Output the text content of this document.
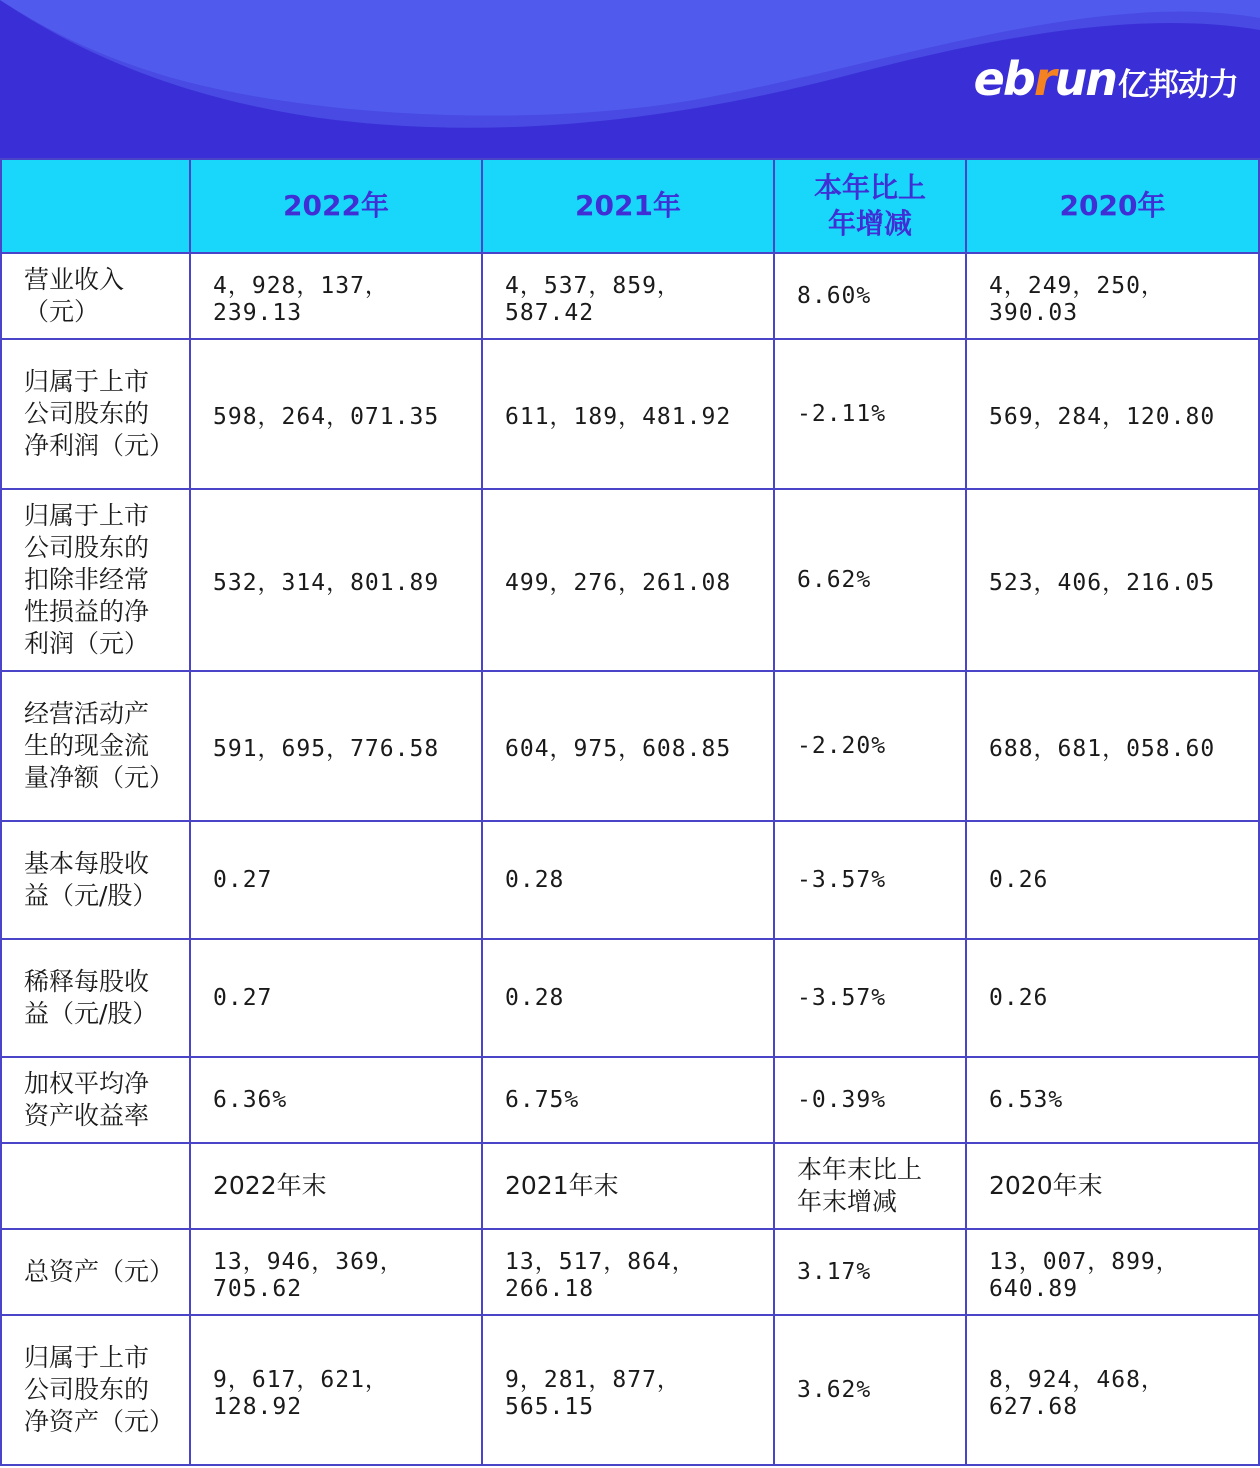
ebrun 亿邦动力
	2022年	2021年	本年比上年增减	2020年
营业收入（元）	4，928，137，239.13	4，537，859，587.42	8.60%	4，249，250，390.03
归属于上市公司股东的净利润（元）	598，264，071.35	611，189，481.92	-2.11%	569，284，120.80
归属于上市公司股东的扣除非经常性损益的净利润（元）	532，314，801.89	499，276，261.08	6.62%	523，406，216.05
经营活动产生的现金流量净额（元）	591，695，776.58	604，975，608.85	-2.20%	688，681，058.60
基本每股收益（元/股）	0.27	0.28	-3.57%	0.26
稀释每股收益（元/股）	0.27	0.28	-3.57%	0.26
加权平均净资产收益率	6.36%	6.75%	-0.39%	6.53%
	2022年末	2021年末	本年末比上年末增减	2020年末
总资产（元）	13，946，369，705.62	13，517，864，266.18	3.17%	13，007，899，640.89
归属于上市公司股东的净资产（元）	9，617，621，128.92	9，281，877，565.15	3.62%	8，924，468，627.68
